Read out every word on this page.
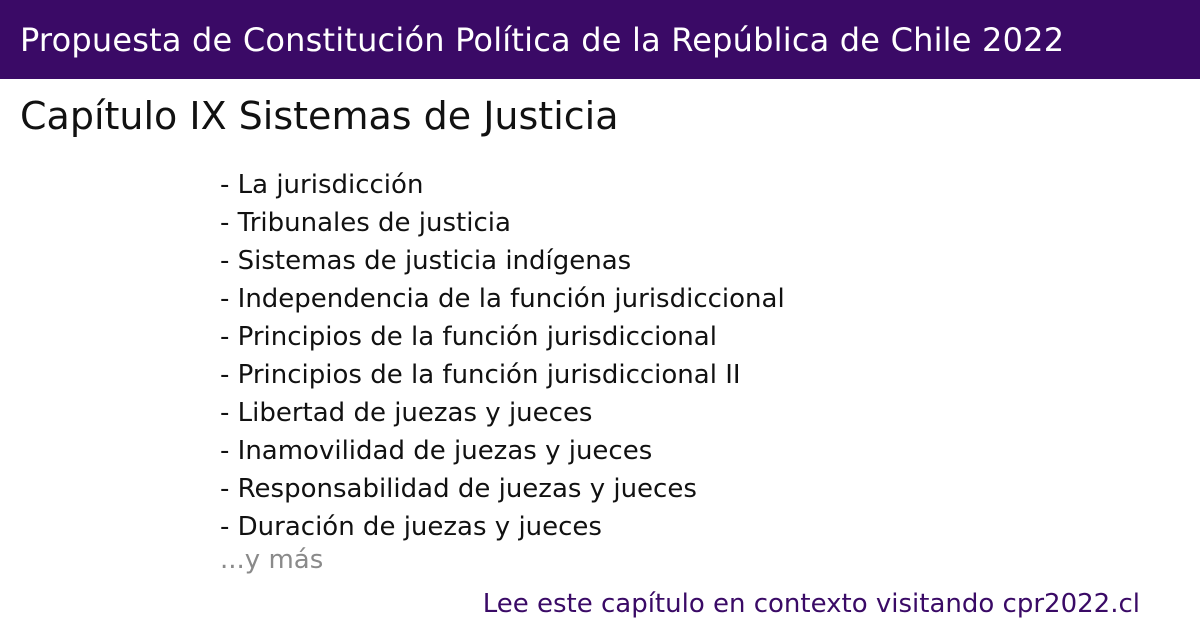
Propuesta de Constitución Política de la República de Chile 2022
Capítulo IX Sistemas de Justicia
- La jurisdicción
- Tribunales de justicia
- Sistemas de justicia indígenas
- Independencia de la función jurisdiccional
- Principios de la función jurisdiccional
- Principios de la función jurisdiccional II
- Libertad de juezas y jueces
- Inamovilidad de juezas y jueces
- Responsabilidad de juezas y jueces
- Duración de juezas y jueces
...y más
Lee este capítulo en contexto visitando cpr2022.cl
